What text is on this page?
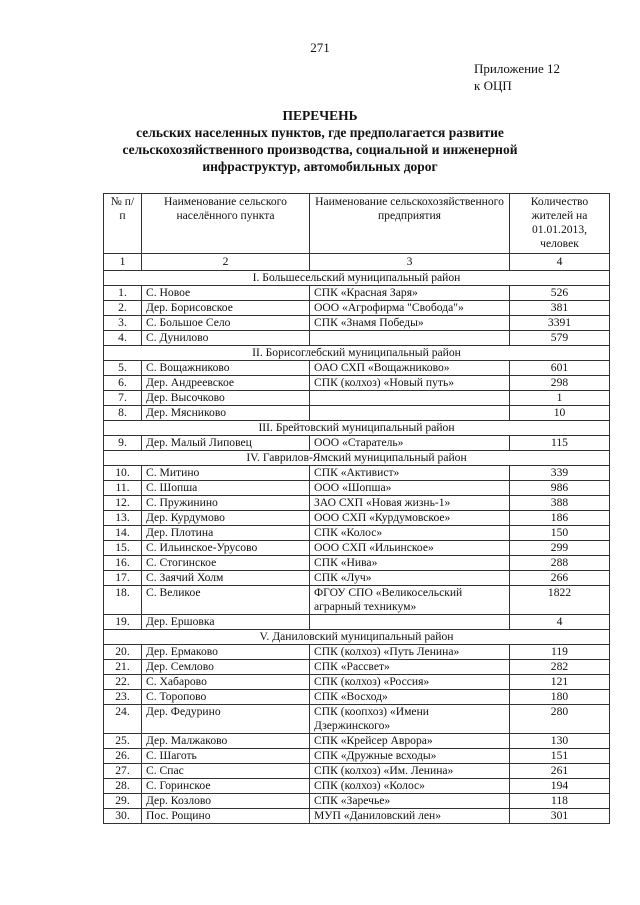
271
Приложение 12
к ОЦП
ПЕРЕЧЕНЬ
сельских населенных пунктов, где предполагается развитие
сельскохозяйственного производства, социальной и инженерной
инфраструктур, автомобильных дорог
№ п/п	Наименование сельского населённого пункта	Наименование сельскохозяйственного предприятия	Количество жителей на 01.01.2013, человек
1	2	3	4
I. Большесельский муниципальный район			
1.	С. Новое	СПК «Красная Заря»	526
2.	Дер. Борисовское	ООО «Агрофирма "Свобода"»	381
3.	С. Большое Село	СПК «Знамя Победы»	3391
4.	С. Дунилово		579
II. Борисоглебский муниципальный район			
5.	С. Вощажниково	ОАО СХП «Вощажниково»	601
6.	Дер. Андреевское	СПК (колхоз) «Новый путь»	298
7.	Дер. Высочково		1
8.	Дер. Мясниково		10
III. Брейтовский муниципальный район			
9.	Дер. Малый Липовец	ООО «Старатель»	115
IV. Гаврилов-Ямский муниципальный район			
10.	С. Митино	СПК «Активист»	339
11.	С. Шопша	ООО «Шопша»	986
12.	С. Пружинино	ЗАО СХП «Новая жизнь-1»	388
13.	Дер. Курдумово	ООО СХП «Курдумовское»	186
14.	Дер. Плотина	СПК «Колос»	150
15.	С. Ильинское-Урусово	ООО СХП «Ильинское»	299
16.	С. Стогинское	СПК «Нива»	288
17.	С. Заячий Холм	СПК «Луч»	266
18.	С. Великое	ФГОУ СПО «Великосельский аграрный техникум»	1822
19.	Дер. Ершовка		4
V. Даниловский муниципальный район			
20.	Дер. Ермаково	СПК (колхоз) «Путь Ленина»	119
21.	Дер. Семлово	СПК «Рассвет»	282
22.	С. Хабарово	СПК (колхоз) «Россия»	121
23.	С. Торопово	СПК «Восход»	180
24.	Дер. Федурино	СПК (коопхоз) «Имени Дзержинского»	280
25.	Дер. Малжаково	СПК «Крейсер Аврора»	130
26.	С. Шаготь	СПК «Дружные всходы»	151
27.	С. Спас	СПК (колхоз) «Им. Ленина»	261
28.	С. Горинское	СПК (колхоз) «Колос»	194
29.	Дер. Козлово	СПК «Заречье»	118
30.	Пос. Рощино	МУП «Даниловский лен»	301
